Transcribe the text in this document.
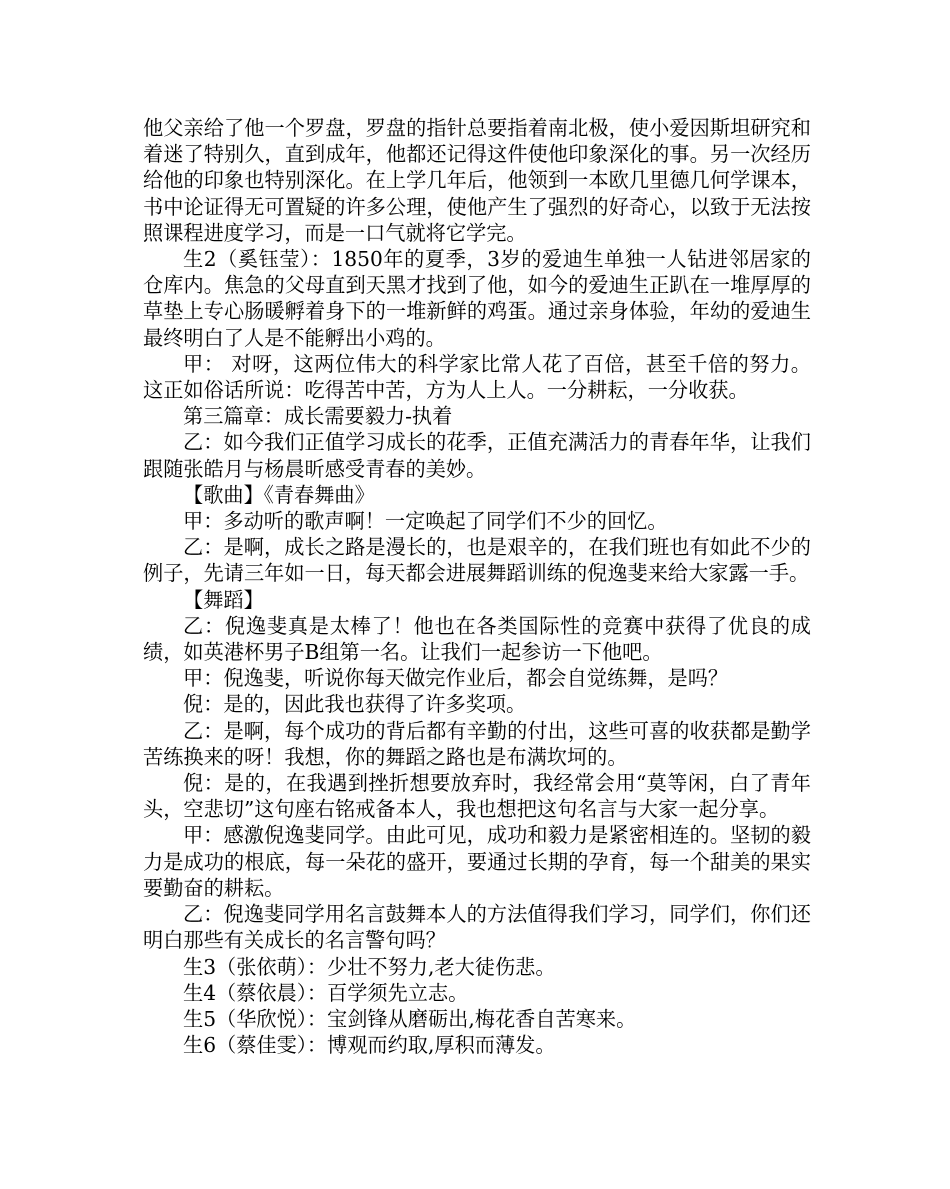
他父亲给了他一个罗盘，罗盘的指针总要指着南北极，使小爱因斯坦研究和着迷了特别久，直到成年，他都还记得这件使他印象深化的事。另一次经历给他的印象也特别深化。在上学几年后，他领到一本欧几里德几何学课本，书中论证得无可置疑的许多公理，使他产生了强烈的好奇心，以致于无法按照课程进度学习，而是一口气就将它学完。

生2（奚钰莹）：1850年的夏季，3岁的爱迪生单独一人钻进邻居家的仓库内。焦急的父母直到天黑才找到了他，如今的爱迪生正趴在一堆厚厚的草垫上专心肠暖孵着身下的一堆新鲜的鸡蛋。通过亲身体验，年幼的爱迪生最终明白了人是不能孵出小鸡的。

甲： 对呀，这两位伟大的科学家比常人花了百倍，甚至千倍的努力。这正如俗话所说：吃得苦中苦，方为人上人。一分耕耘，一分收获。

第三篇章：成长需要毅力-执着

乙：如今我们正值学习成长的花季，正值充满活力的青春年华，让我们跟随张皓月与杨晨昕感受青春的美妙。

【歌曲】《青春舞曲》

甲：多动听的歌声啊！一定唤起了同学们不少的回忆。

乙：是啊，成长之路是漫长的，也是艰辛的，在我们班也有如此不少的例子，先请三年如一日，每天都会进展舞蹈训练的倪逸斐来给大家露一手。

【舞蹈】

乙：倪逸斐真是太棒了！他也在各类国际性的竞赛中获得了优良的成绩，如英港杯男子B组第一名。让我们一起参访一下他吧。

甲：倪逸斐，听说你每天做完作业后，都会自觉练舞，是吗？

倪：是的，因此我也获得了许多奖项。

乙：是啊，每个成功的背后都有辛勤的付出，这些可喜的收获都是勤学苦练换来的呀！我想，你的舞蹈之路也是布满坎坷的。

倪：是的，在我遇到挫折想要放弃时，我经常会用“莫等闲，白了青年头，空悲切”这句座右铭戒备本人，我也想把这句名言与大家一起分享。

甲：感激倪逸斐同学。由此可见，成功和毅力是紧密相连的。坚韧的毅力是成功的根底，每一朵花的盛开，要通过长期的孕育，每一个甜美的果实要勤奋的耕耘。

乙：倪逸斐同学用名言鼓舞本人的方法值得我们学习，同学们，你们还明白那些有关成长的名言警句吗？

生3（张依萌）：少壮不努力,老大徒伤悲。

生4（蔡依晨）：百学须先立志。

生5（华欣悦）：宝剑锋从磨砺出,梅花香自苦寒来。

生6（蔡佳雯）：博观而约取,厚积而薄发。
